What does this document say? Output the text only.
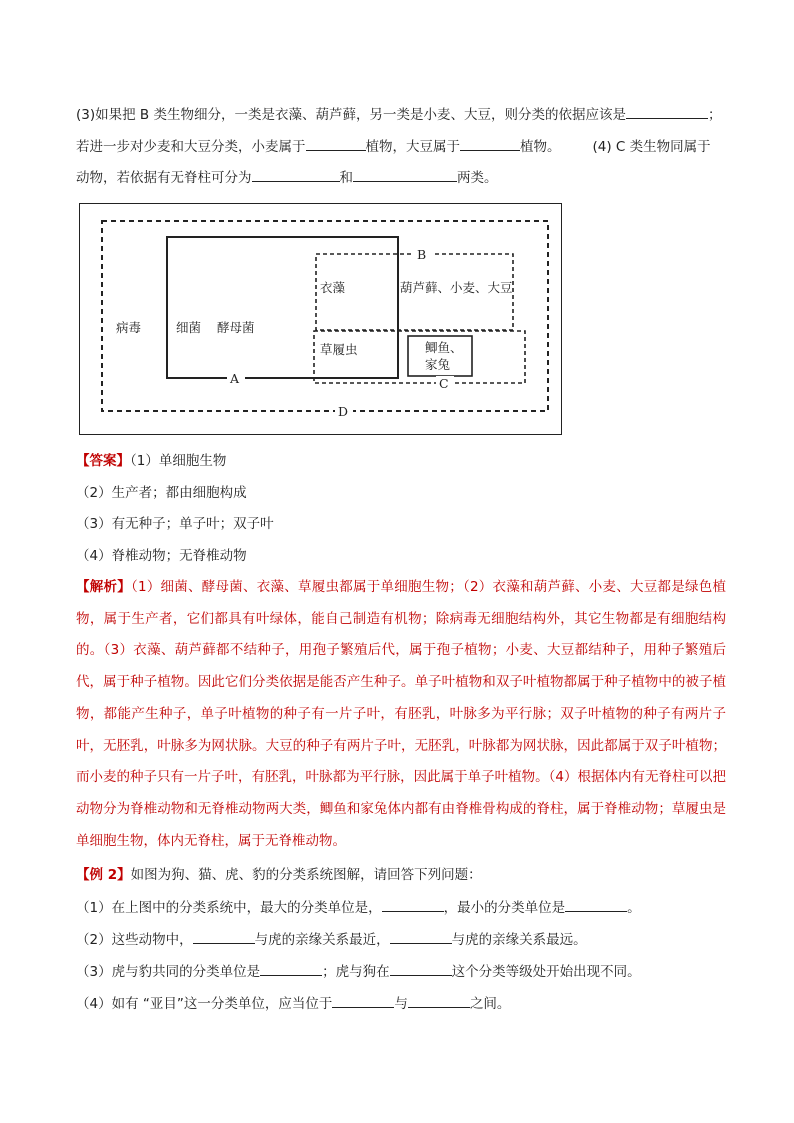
(3)如果把 B 类生物细分，一类是衣藻、葫芦藓，另一类是小麦、大豆，则分类的依据应该是	；
若进一步对少麦和大豆分类，小麦属于	植物，大豆属于	植物。 (4) C 类生物同属于
动物，若依据有无脊柱可分为	和	两类。
病毒	细菌 酵母菌
衣藻	葫芦藓、小麦、大豆
草履虫	鲫鱼、
家兔
A
B
C
D
【答案】（1）单细胞生物
（2）生产者；都由细胞构成
（3）有无种子；单子叶；双子叶
（4）脊椎动物；无脊椎动物
【解析】（1）细菌、酵母菌、衣藻、草履虫都属于单细胞生物；（2）衣藻和葫芦藓、小麦、大豆都是绿色植物，属于生产者，它们都具有叶绿体，能自己制造有机物；除病毒无细胞结构外，其它生物都是有细胞结构的。（3）衣藻、葫芦藓都不结种子，用孢子繁殖后代，属于孢子植物；小麦、大豆都结种子，用种子繁殖后代，属于种子植物。因此它们分类依据是能否产生种子。单子叶植物和双子叶植物都属于种子植物中的被子植物，都能产生种子，单子叶植物的种子有一片子叶，有胚乳，叶脉多为平行脉；双子叶植物的种子有两片子叶，无胚乳，叶脉多为网状脉。大豆的种子有两片子叶，无胚乳，叶脉都为网状脉，因此都属于双子叶植物；而小麦的种子只有一片子叶，有胚乳，叶脉都为平行脉，因此属于单子叶植物。（4）根据体内有无脊柱可以把动物分为脊椎动物和无脊椎动物两大类，鲫鱼和家兔体内都有由脊椎骨构成的脊柱，属于脊椎动物；草履虫是单细胞生物，体内无脊柱，属于无脊椎动物。
【例 2】如图为狗、猫、虎、豹的分类系统图解，请回答下列问题：
（1）在上图中的分类系统中，最大的分类单位是，	，最小的分类单位是	。
（2）这些动物中，	与虎的亲缘关系最近，	与虎的亲缘关系最远。
（3）虎与豹共同的分类单位是	；虎与狗在	这个分类等级处开始出现不同。
（4）如有 “亚目”这一分类单位，应当位于	与	之间。
